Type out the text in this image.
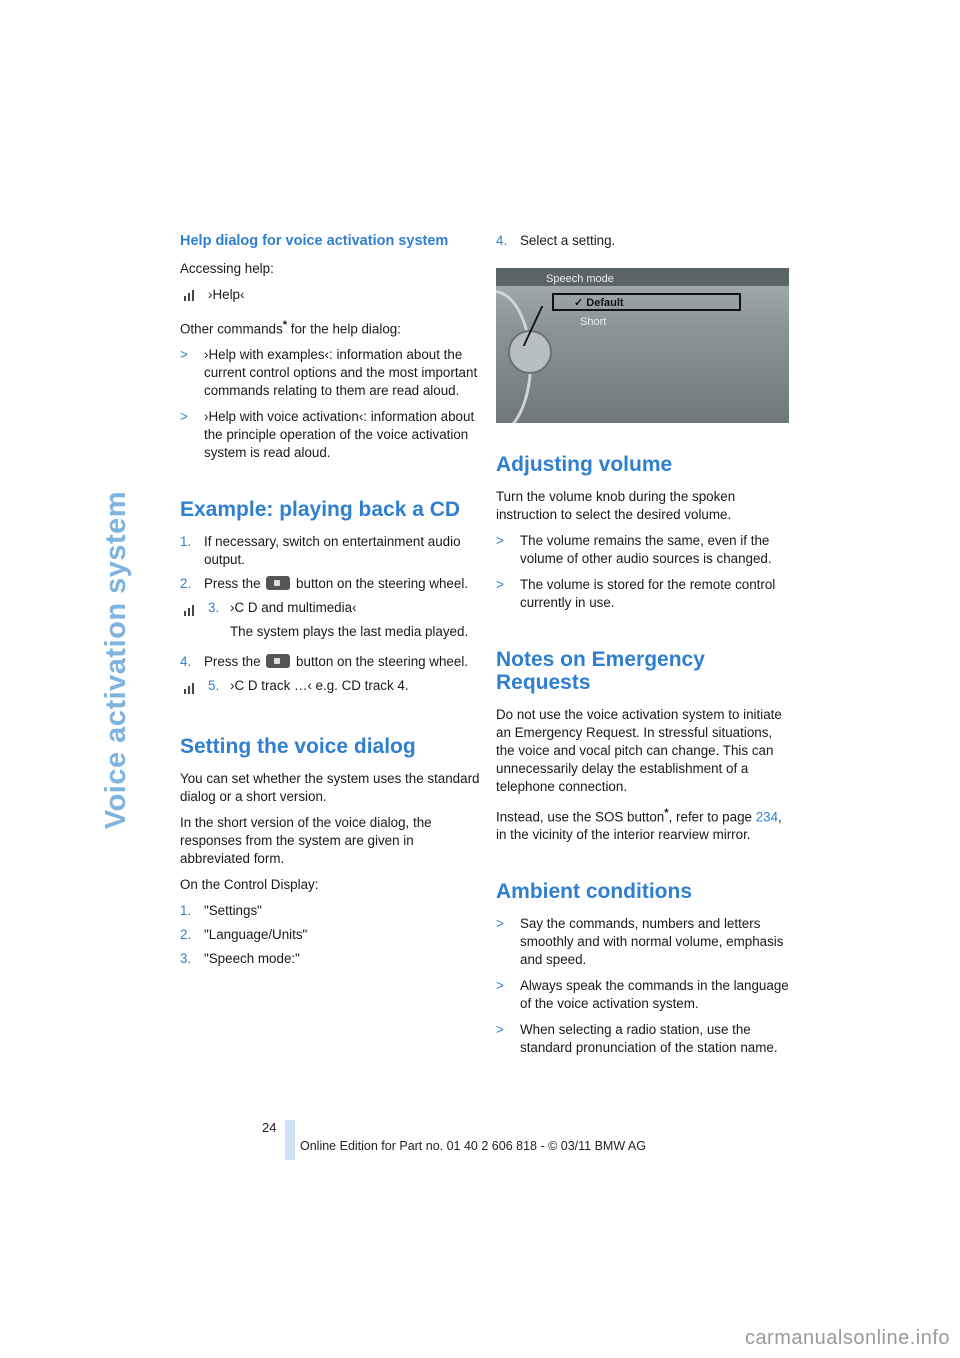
Voice activation system
Help dialog for voice activation system

Accessing help:

›Help‹

Other commands* for the help dialog:

> ›Help with examples‹: information about the current control options and the most important commands relating to them are read aloud.
> ›Help with voice activation‹: information about the principle operation of the voice activation system is read aloud.
Example: playing back a CD
1. If necessary, switch on entertainment audio output.
2. Press the	button on the steering wheel.
3. ›C D and multimedia‹
The system plays the last media played.
4. Press the	button on the steering wheel.
5. ›C D track …‹ e.g. CD track 4.
Setting the voice dialog

You can set whether the system uses the standard dialog or a short version.

In the short version of the voice dialog, the responses from the system are given in abbreviated form.

On the Control Display:

1. "Settings"
2. "Language/Units"
3. "Speech mode:"
4. Select a setting.
Speech mode
✓ Default
Short
Adjusting volume

Turn the volume knob during the spoken instruction to select the desired volume.

> The volume remains the same, even if the volume of other audio sources is changed.
> The volume is stored for the remote control currently in use.
Notes on Emergency Requests

Do not use the voice activation system to initiate an Emergency Request. In stressful situations, the voice and vocal pitch can change. This can unnecessarily delay the establishment of a telephone connection.

Instead, use the SOS button*, refer to page 234, in the vicinity of the interior rearview mirror.

Ambient conditions
> Say the commands, numbers and letters smoothly and with normal volume, emphasis and speed.
> Always speak the commands in the language of the voice activation system.
> When selecting a radio station, use the standard pronunciation of the station name.
24
Online Edition for Part no. 01 40 2 606 818 - © 03/11 BMW AG
carmanualsonline.info
